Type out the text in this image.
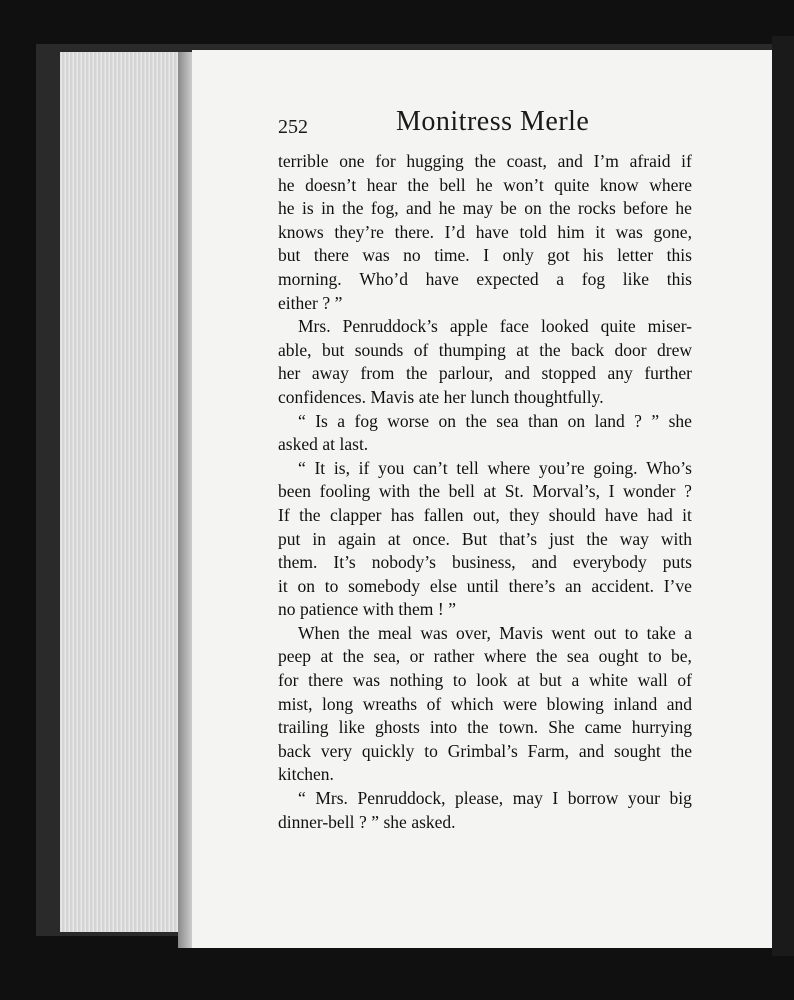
252	Monitress Merle
terrible one for hugging the coast, and I’m afraid if
he doesn’t hear the bell he won’t quite know where
he is in the fog, and he may be on the rocks before he
knows they’re there. I’d have told him it was gone,
but there was no time. I only got his letter this
morning. Who’d have expected a fog like this
either ? ”
Mrs. Penruddock’s apple face looked quite miser-
able, but sounds of thumping at the back door drew
her away from the parlour, and stopped any further
confidences. Mavis ate her lunch thoughtfully.
“ Is a fog worse on the sea than on land ? ” she
asked at last.
“ It is, if you can’t tell where you’re going. Who’s
been fooling with the bell at St. Morval’s, I wonder ?
If the clapper has fallen out, they should have had it
put in again at once. But that’s just the way with
them. It’s nobody’s business, and everybody puts
it on to somebody else until there’s an accident. I’ve
no patience with them ! ”
When the meal was over, Mavis went out to take a
peep at the sea, or rather where the sea ought to be,
for there was nothing to look at but a white wall of
mist, long wreaths of which were blowing inland and
trailing like ghosts into the town. She came hurrying
back very quickly to Grimbal’s Farm, and sought the
kitchen.
“ Mrs. Penruddock, please, may I borrow your big
dinner-bell ? ” she asked.
